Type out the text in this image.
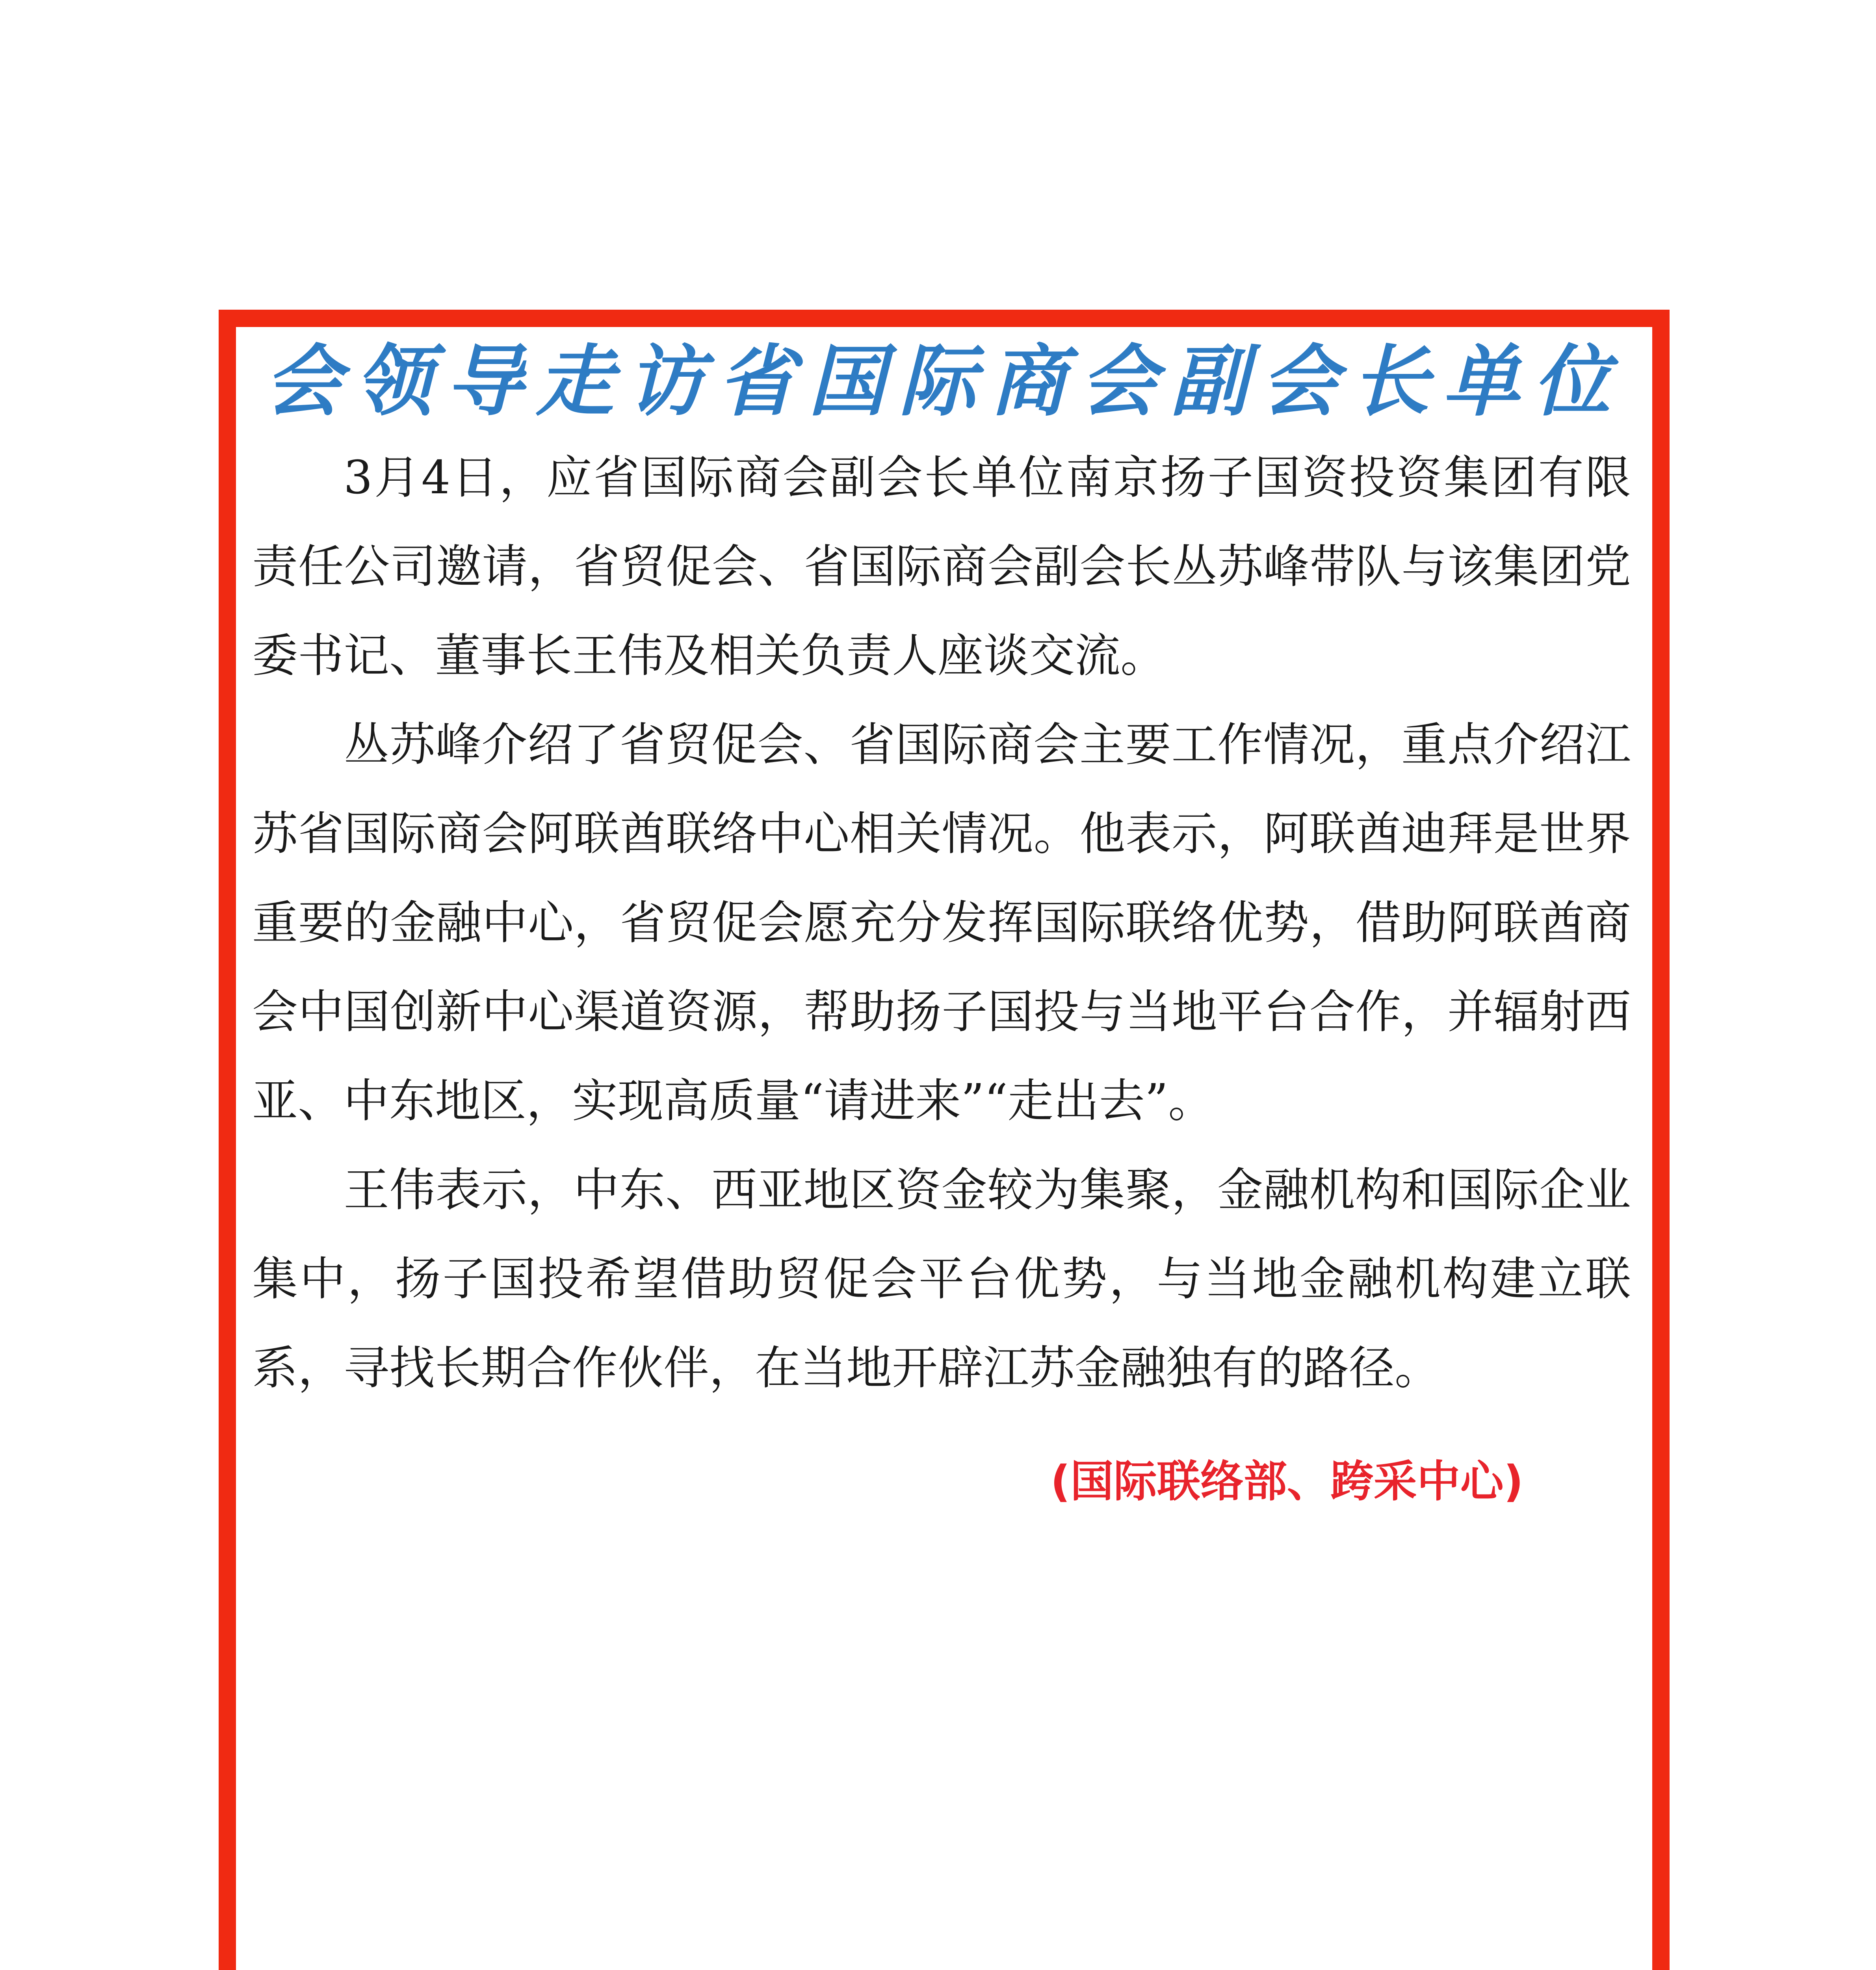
会领导走访省国际商会副会长单位

3月4日，应省国际商会副会长单位南京扬子国资投资集团有限责任公司邀请，省贸促会、省国际商会副会长丛苏峰带队与该集团党委书记、董事长王伟及相关负责人座谈交流。

丛苏峰介绍了省贸促会、省国际商会主要工作情况，重点介绍江苏省国际商会阿联酋联络中心相关情况。他表示，阿联酋迪拜是世界重要的金融中心，省贸促会愿充分发挥国际联络优势，借助阿联酋商会中国创新中心渠道资源，帮助扬子国投与当地平台合作，并辐射西亚、中东地区，实现高质量“请进来”“走出去”。

王伟表示，中东、西亚地区资金较为集聚，金融机构和国际企业集中，扬子国投希望借助贸促会平台优势，与当地金融机构建立联系，寻找长期合作伙伴，在当地开辟江苏金融独有的路径。

(国际联络部、跨采中心)
